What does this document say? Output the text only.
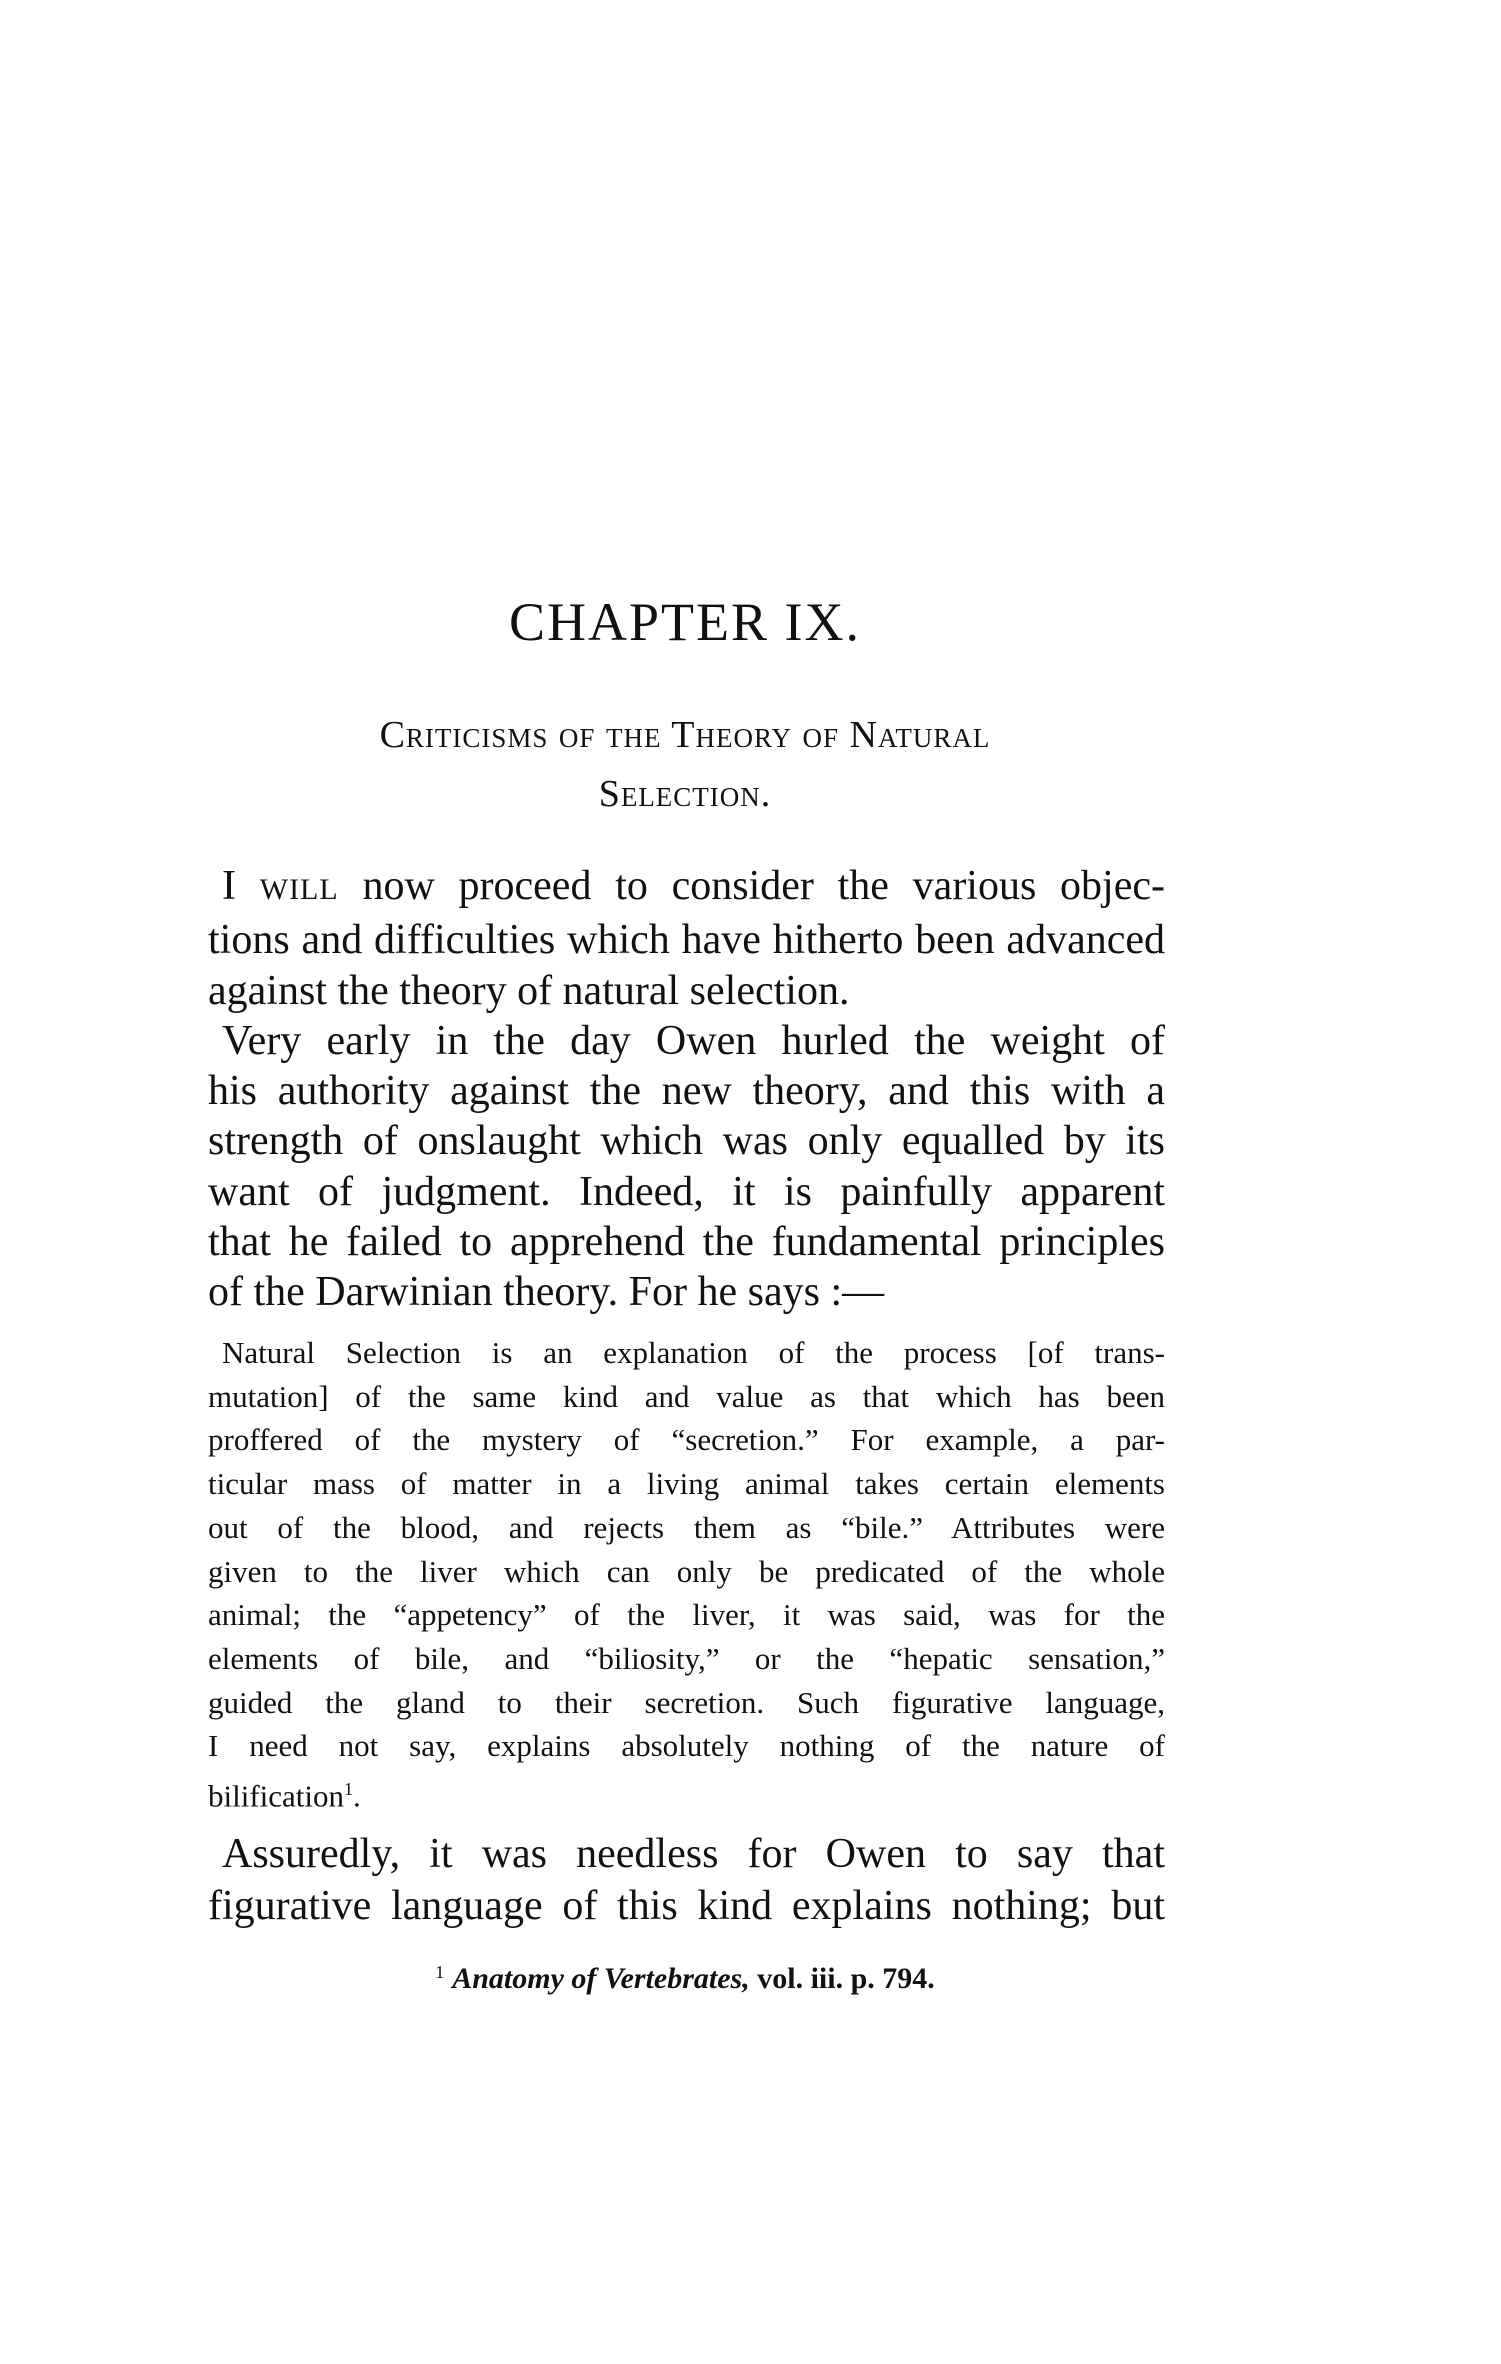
CHAPTER IX.
Criticisms of the Theory of Natural
Selection.
I WILL now proceed to consider the various objec-
tions and difficulties which have hitherto been advanced
against the theory of natural selection.
Very early in the day Owen hurled the weight of
his authority against the new theory, and this with a
strength of onslaught which was only equalled by its
want of judgment. Indeed, it is painfully apparent
that he failed to apprehend the fundamental principles
of the Darwinian theory. For he says :—
Natural Selection is an explanation of the process [of trans-
mutation] of the same kind and value as that which has been
proffered of the mystery of “secretion.” For example, a par-
ticular mass of matter in a living animal takes certain elements
out of the blood, and rejects them as “bile.” Attributes were
given to the liver which can only be predicated of the whole
animal; the “appetency” of the liver, it was said, was for the
elements of bile, and “biliosity,” or the “hepatic sensation,”
guided the gland to their secretion. Such figurative language,
I need not say, explains absolutely nothing of the nature of
bilification$^1$.
Assuredly, it was needless for Owen to say that
figurative language of this kind explains nothing; but
$^1$ Anatomy of Vertebrates, vol. iii. p. 794.
